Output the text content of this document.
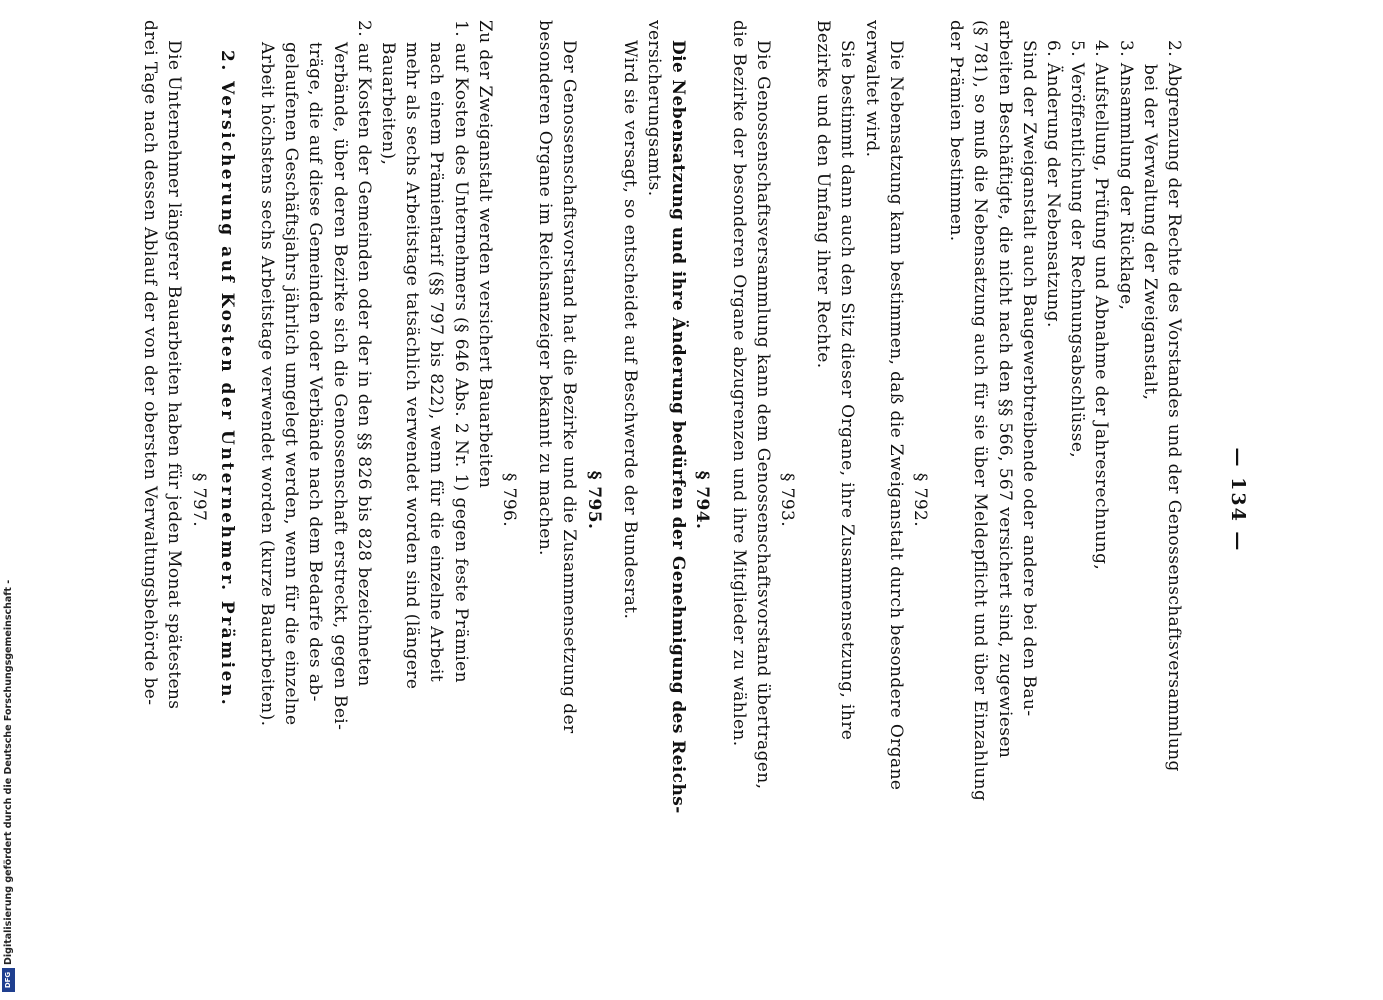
Digitalisierung gefördert durch die Deutsche Forschungsgemeinschaft -
DFG
— 134 —
2. Abgrenzung der Rechte des Vorstandes und der Genossenschaftsversammlung
bei der Verwaltung der Zweiganstalt,
3. Ansammlung der Rücklage,
4. Aufstellung, Prüfung und Abnahme der Jahresrechnung,
5. Veröffentlichung der Rechnungsabschlüsse,
6. Änderung der Nebensatzung.
Sind der Zweiganstalt auch Baugewerbtreibende oder andere bei den Bau-
arbeiten Beschäftigte, die nicht nach den §§ 566, 567 versichert sind, zugewiesen
(§ 781), so muß die Nebensatzung auch für sie über Meldepflicht und über Einzahlung
der Prämien bestimmen.
§ 792.
Die Nebensatzung kann bestimmen, daß die Zweiganstalt durch besondere Organe
verwaltet wird.
Sie bestimmt dann auch den Sitz dieser Organe, ihre Zusammensetzung, ihre
Bezirke und den Umfang ihrer Rechte.
§ 793.
Die Genossenschaftsversammlung kann dem Genossenschaftsvorstand übertragen,
die Bezirke der besonderen Organe abzugrenzen und ihre Mitglieder zu wählen.
§ 794.
Die Nebensatzung und ihre Änderung bedürfen der Genehmigung des Reichs-
versicherungsamts.
Wird sie versagt, so entscheidet auf Beschwerde der Bundesrat.
§ 795.
Der Genossenschaftsvorstand hat die Bezirke und die Zusammensetzung der
besonderen Organe im Reichsanzeiger bekannt zu machen.
§ 796.
Zu der Zweiganstalt werden versichert Bauarbeiten
1. auf Kosten des Unternehmers (§ 646 Abs. 2 Nr. 1) gegen feste Prämien
nach einem Prämientarif (§§ 797 bis 822), wenn für die einzelne Arbeit
mehr als sechs Arbeitstage tatsächlich verwendet worden sind (längere
Bauarbeiten),
2. auf Kosten der Gemeinden oder der in den §§ 826 bis 828 bezeichneten
Verbände, über deren Bezirke sich die Genossenschaft erstreckt, gegen Bei-
träge, die auf diese Gemeinden oder Verbände nach dem Bedarfe des ab-
gelaufenen Geschäftsjahrs jährlich umgelegt werden, wenn für die einzelne
Arbeit höchstens sechs Arbeitstage verwendet worden (kurze Bauarbeiten).
2. Versicherung auf Kosten der Unternehmer. Prämien.
§ 797.
Die Unternehmer längerer Bauarbeiten haben für jeden Monat spätestens
drei Tage nach dessen Ablauf der von der obersten Verwaltungsbehörde be-
